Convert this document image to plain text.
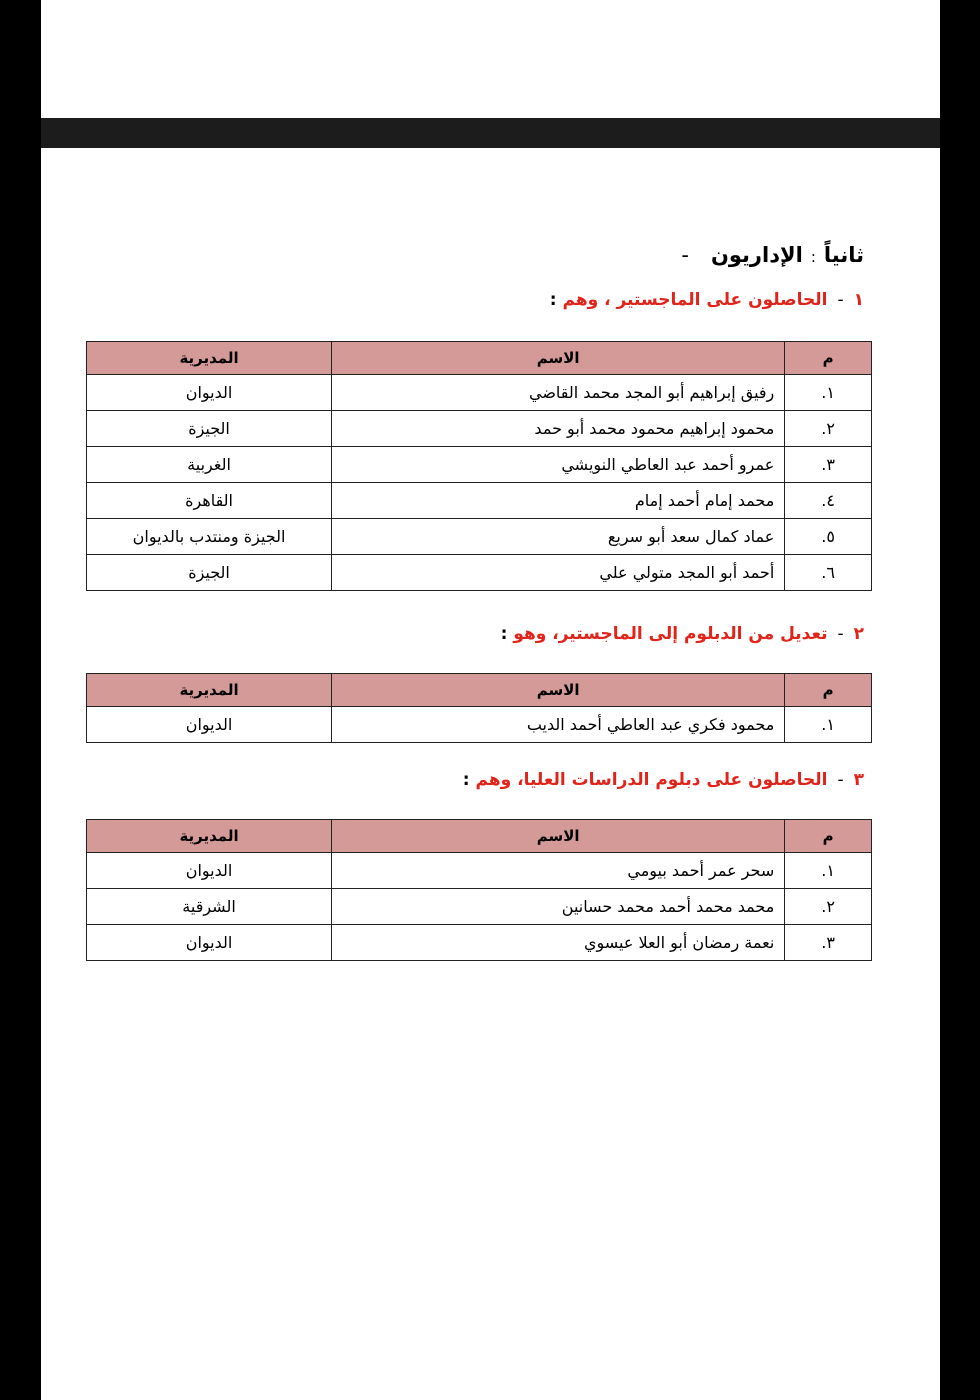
ثانياً:الإداريون-
١-الحاصلون على الماجستير ، وهم :
م	الاسم	المديرية
١.	رفيق إبراهيم أبو المجد محمد القاضي	الديوان
٢.	محمود إبراهيم محمود محمد أبو حمد	الجيزة
٣.	عمرو أحمد عبد العاطي النويشي	الغربية
٤.	محمد إمام أحمد إمام	القاهرة
٥.	عماد كمال سعد أبو سريع	الجيزة ومنتدب بالديوان
٦.	أحمد أبو المجد متولي علي	الجيزة
٢-تعديل من الدبلوم إلى الماجستير، وهو :
م	الاسم	المديرية
١.	محمود فكري عبد العاطي أحمد الديب	الديوان
٣-الحاصلون على دبلوم الدراسات العليا، وهم :
م	الاسم	المديرية
١.	سحر عمر أحمد بيومي	الديوان
٢.	محمد محمد أحمد محمد حسانين	الشرقية
٣.	نعمة رمضان أبو العلا عيسوي	الديوان
